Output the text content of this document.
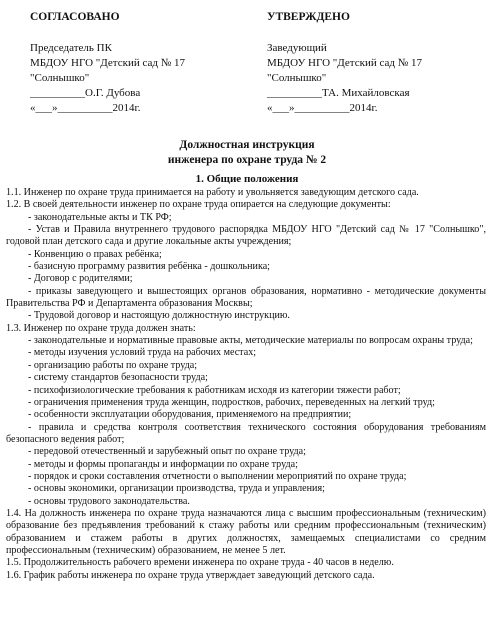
СОГЛАСОВАНО
Председатель ПК
МБДОУ НГО "Детский сад № 17
"Солнышко"
__________О.Г. Дубова
«___»__________2014г.
УТВЕРЖДЕНО
Заведующий
МБДОУ НГО "Детский сад № 17
"Солнышко"
__________ТА. Михайловская
«___»__________2014г.
Должностная инструкция
инженера по охране труда № 2
1. Общие положения

1.1. Инженер по охране труда принимается на работу и увольняется заведующим детского сада.

1.2. В своей деятельности инженер по охране труда опирается на следующие документы:

- законодательные акты и ТК РФ;

- Устав и Правила внутреннего трудового распорядка МБДОУ НГО "Детский сад № 17 "Солнышко", годовой план детского сада и другие локальные акты учреждения;

- Конвенцию о правах ребёнка;

- базисную программу развития ребёнка - дошкольника;

- Договор с родителями;

- приказы заведующего и вышестоящих органов образования, нормативно - методические документы Правительства РФ и Департамента образования Москвы;

- Трудовой договор и настоящую должностную инструкцию.

1.3. Инженер по охране труда должен знать:

- законодательные и нормативные правовые акты, методические материалы по вопросам охраны труда;

- методы изучения условий труда на рабочих местах;

- организацию работы по охране труда;

- систему стандартов безопасности труда;

- психофизиологические требования к работникам исходя из категории тяжести работ;

- ограничения применения труда женщин, подростков, рабочих, переведенных на легкий труд;

- особенности эксплуатации оборудования, применяемого на предприятии;

- правила и средства контроля соответствия технического состояния оборудования требованиям безопасного ведения работ;

- передовой отечественный и зарубежный опыт по охране труда;

- методы и формы пропаганды и информации по охране труда;

- порядок и сроки составления отчетности о выполнении мероприятий по охране труда;

- основы экономики, организации производства, труда и управления;

- основы трудового законодательства.

1.4. На должность инженера по охране труда назначаются лица с высшим профессиональным (техническим) образование без предъявления требований к стажу работы или средним профессиональным (техническим) образованием и стажем работы в других должностях, замещаемых специалистами со средним профессиональным (техническим) образованием, не менее 5 лет.

1.5. Продолжительность рабочего времени инженера по охране труда - 40 часов в неделю.

1.6. График работы инженера по охране труда утверждает заведующий детского сада.
